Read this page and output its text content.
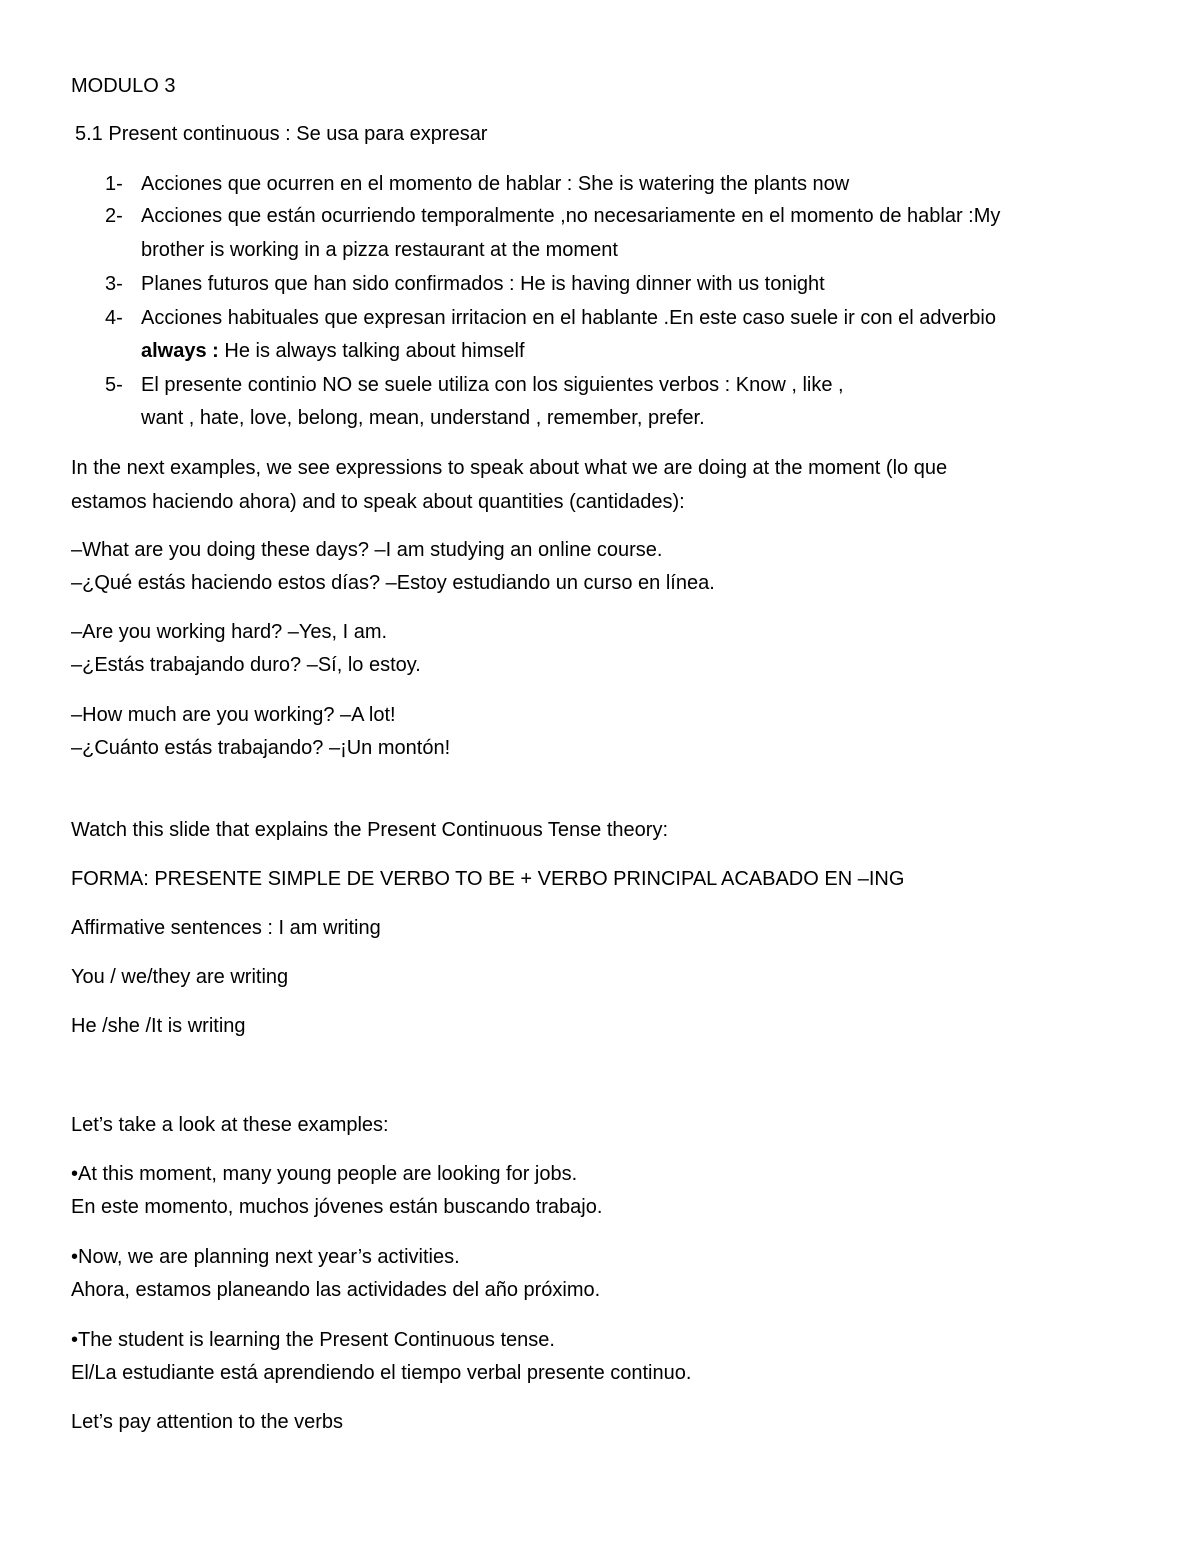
MODULO 3
5.1 Present continuous : Se usa para expresar
1- Acciones que ocurren en el momento de hablar : She is watering the plants now
2- Acciones que están ocurriendo temporalmente ,no necesariamente en el momento de hablar :My
brother is working in a pizza restaurant at the moment
3- Planes futuros que han sido confirmados : He is having dinner with us tonight
4- Acciones habituales que expresan irritacion en el hablante .En este caso suele ir con el adverbio
always : He is always talking about himself
5- El presente continio NO se suele utiliza con los siguientes verbos : Know , like ,
want , hate, love, belong, mean, understand , remember, prefer.
In the next examples, we see expressions to speak about what we are doing at the moment (lo que
estamos haciendo ahora) and to speak about quantities (cantidades):
–What are you doing these days? –I am studying an online course.
–¿Qué estás haciendo estos días? –Estoy estudiando un curso en línea.
–Are you working hard? –Yes, I am.
–¿Estás trabajando duro? –Sí, lo estoy.
–How much are you working? –A lot!
–¿Cuánto estás trabajando? –¡Un montón!
Watch this slide that explains the Present Continuous Tense theory:
FORMA: PRESENTE SIMPLE DE VERBO TO BE + VERBO PRINCIPAL ACABADO EN –ING
Affirmative sentences : I am writing
You / we/they are writing
He /she /It is writing
Let’s take a look at these examples:
•At this moment, many young people are looking for jobs.
En este momento, muchos jóvenes están buscando trabajo.
•Now, we are planning next year’s activities.
Ahora, estamos planeando las actividades del año próximo.
•The student is learning the Present Continuous tense.
El/La estudiante está aprendiendo el tiempo verbal presente continuo.
Let’s pay attention to the verbs
